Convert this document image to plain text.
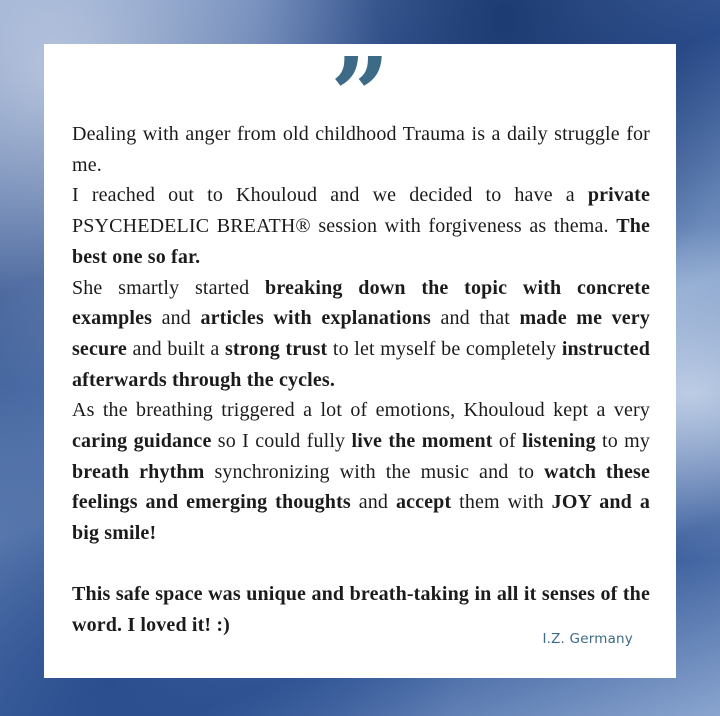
”

Dealing with anger from old childhood Trauma is a daily struggle for me.

I reached out to Khouloud and we decided to have a private PSYCHEDELIC BREATH® session with forgiveness as thema. The best one so far.

She smartly started breaking down the topic with concrete examples and articles with explanations and that made me very secure and built a strong trust to let myself be completely instructed afterwards through the cycles.

As the breathing triggered a lot of emotions, Khouloud kept a very caring guidance so I could fully live the moment of listening to my breath rhythm synchronizing with the music and to watch these feelings and emerging thoughts and accept them with JOY and a big smile!

This safe space was unique and breath-taking in all it senses of the word. I loved it! :)

I.Z. Germany
